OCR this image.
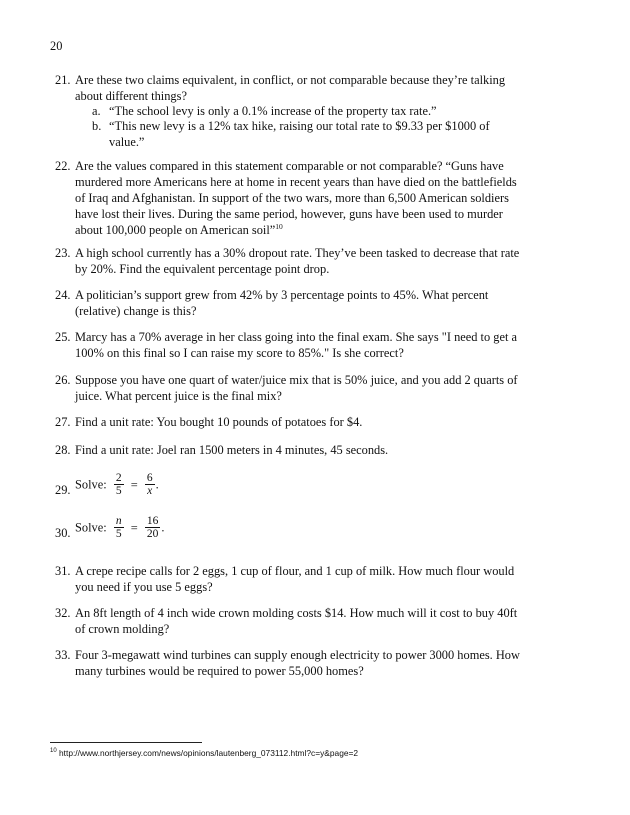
20
21. Are these two claims equivalent, in conflict, or not comparable because they’re talking about different things?
a. “The school levy is only a 0.1% increase of the property tax rate.”
b. “This new levy is a 12% tax hike, raising our total rate to $9.33 per $1000 of value.”
22. Are the values compared in this statement comparable or not comparable? “Guns have murdered more Americans here at home in recent years than have died on the battlefields of Iraq and Afghanistan. In support of the two wars, more than 6,500 American soldiers have lost their lives. During the same period, however, guns have been used to murder about 100,000 people on American soil”$^{10}$
23. A high school currently has a 30% dropout rate. They’ve been tasked to decrease that rate by 20%. Find the equivalent percentage point drop.
24. A politician’s support grew from 42% by 3 percentage points to 45%. What percent (relative) change is this?
25. Marcy has a 70% average in her class going into the final exam. She says "I need to get a 100% on this final so I can raise my score to 85%." Is she correct?
26. Suppose you have one quart of water/juice mix that is 50% juice, and you add 2 quarts of juice. What percent juice is the final mix?
27. Find a unit rate: You bought 10 pounds of potatoes for $4.
28. Find a unit rate: Joel ran 1500 meters in 4 minutes, 45 seconds.
29. Solve: $\frac{2}{5} = \frac{6}{x}$ .
30. Solve: $\frac{n}{5} = \frac{16}{20}$ .
31. A crepe recipe calls for 2 eggs, 1 cup of flour, and 1 cup of milk. How much flour would you need if you use 5 eggs?
32. An 8ft length of 4 inch wide crown molding costs $14. How much will it cost to buy 40ft of crown molding?
33. Four 3-megawatt wind turbines can supply enough electricity to power 3000 homes. How many turbines would be required to power 55,000 homes?
$^{10}$ http://www.northjersey.com/news/opinions/lautenberg_073112.html?c=y&page=2
